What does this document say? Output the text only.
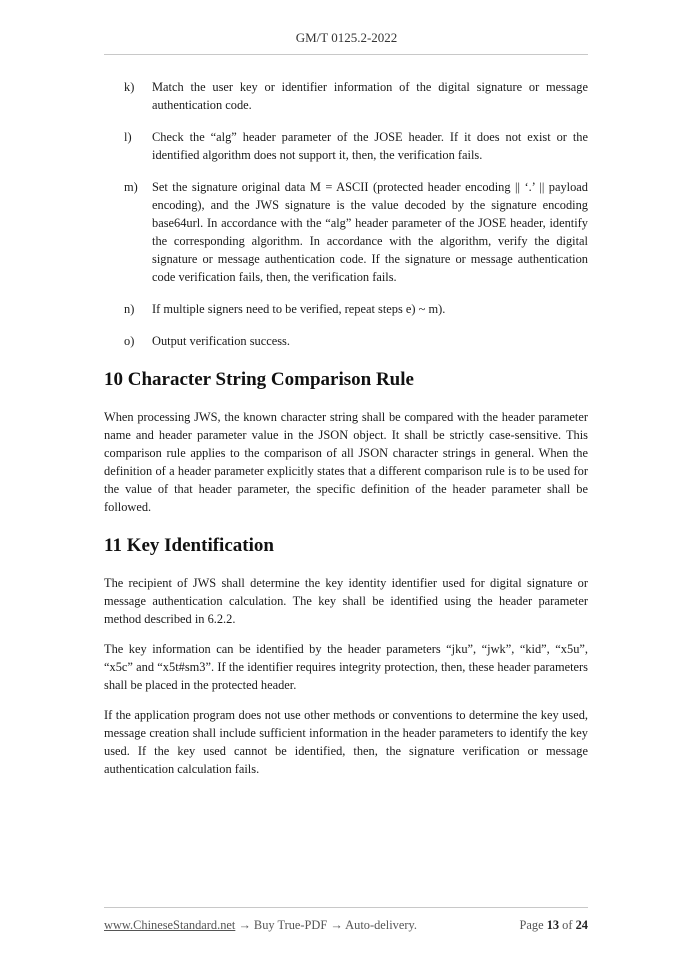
GM/T 0125.2-2022
k)	Match the user key or identifier information of the digital signature or message authentication code.
l)	Check the “alg” header parameter of the JOSE header. If it does not exist or the identified algorithm does not support it, then, the verification fails.
m)	Set the signature original data M = ASCII (protected header encoding || ‘.’ || payload encoding), and the JWS signature is the value decoded by the signature encoding base64url. In accordance with the “alg” header parameter of the JOSE header, identify the corresponding algorithm. In accordance with the algorithm, verify the digital signature or message authentication code. If the signature or message authentication code verification fails, then, the verification fails.
n)	If multiple signers need to be verified, repeat steps e) ~ m).
o)	Output verification success.
10 Character String Comparison Rule

When processing JWS, the known character string shall be compared with the header parameter name and header parameter value in the JSON object. It shall be strictly case-sensitive. This comparison rule applies to the comparison of all JSON character strings in general. When the definition of a header parameter explicitly states that a different comparison rule is to be used for the value of that header parameter, the specific definition of the header parameter shall be followed.

11 Key Identification

The recipient of JWS shall determine the key identity identifier used for digital signature or message authentication calculation. The key shall be identified using the header parameter method described in 6.2.2.

The key information can be identified by the header parameters “jku”, “jwk”, “kid”, “x5u”, “x5c” and “x5t#sm3”. If the identifier requires integrity protection, then, these header parameters shall be placed in the protected header.

If the application program does not use other methods or conventions to determine the key used, message creation shall include sufficient information in the header parameters to identify the key used. If the key used cannot be identified, then, the signature verification or message authentication calculation fails.

www.ChineseStandard.net → Buy True-PDF → Auto-delivery.	Page 13 of 24
